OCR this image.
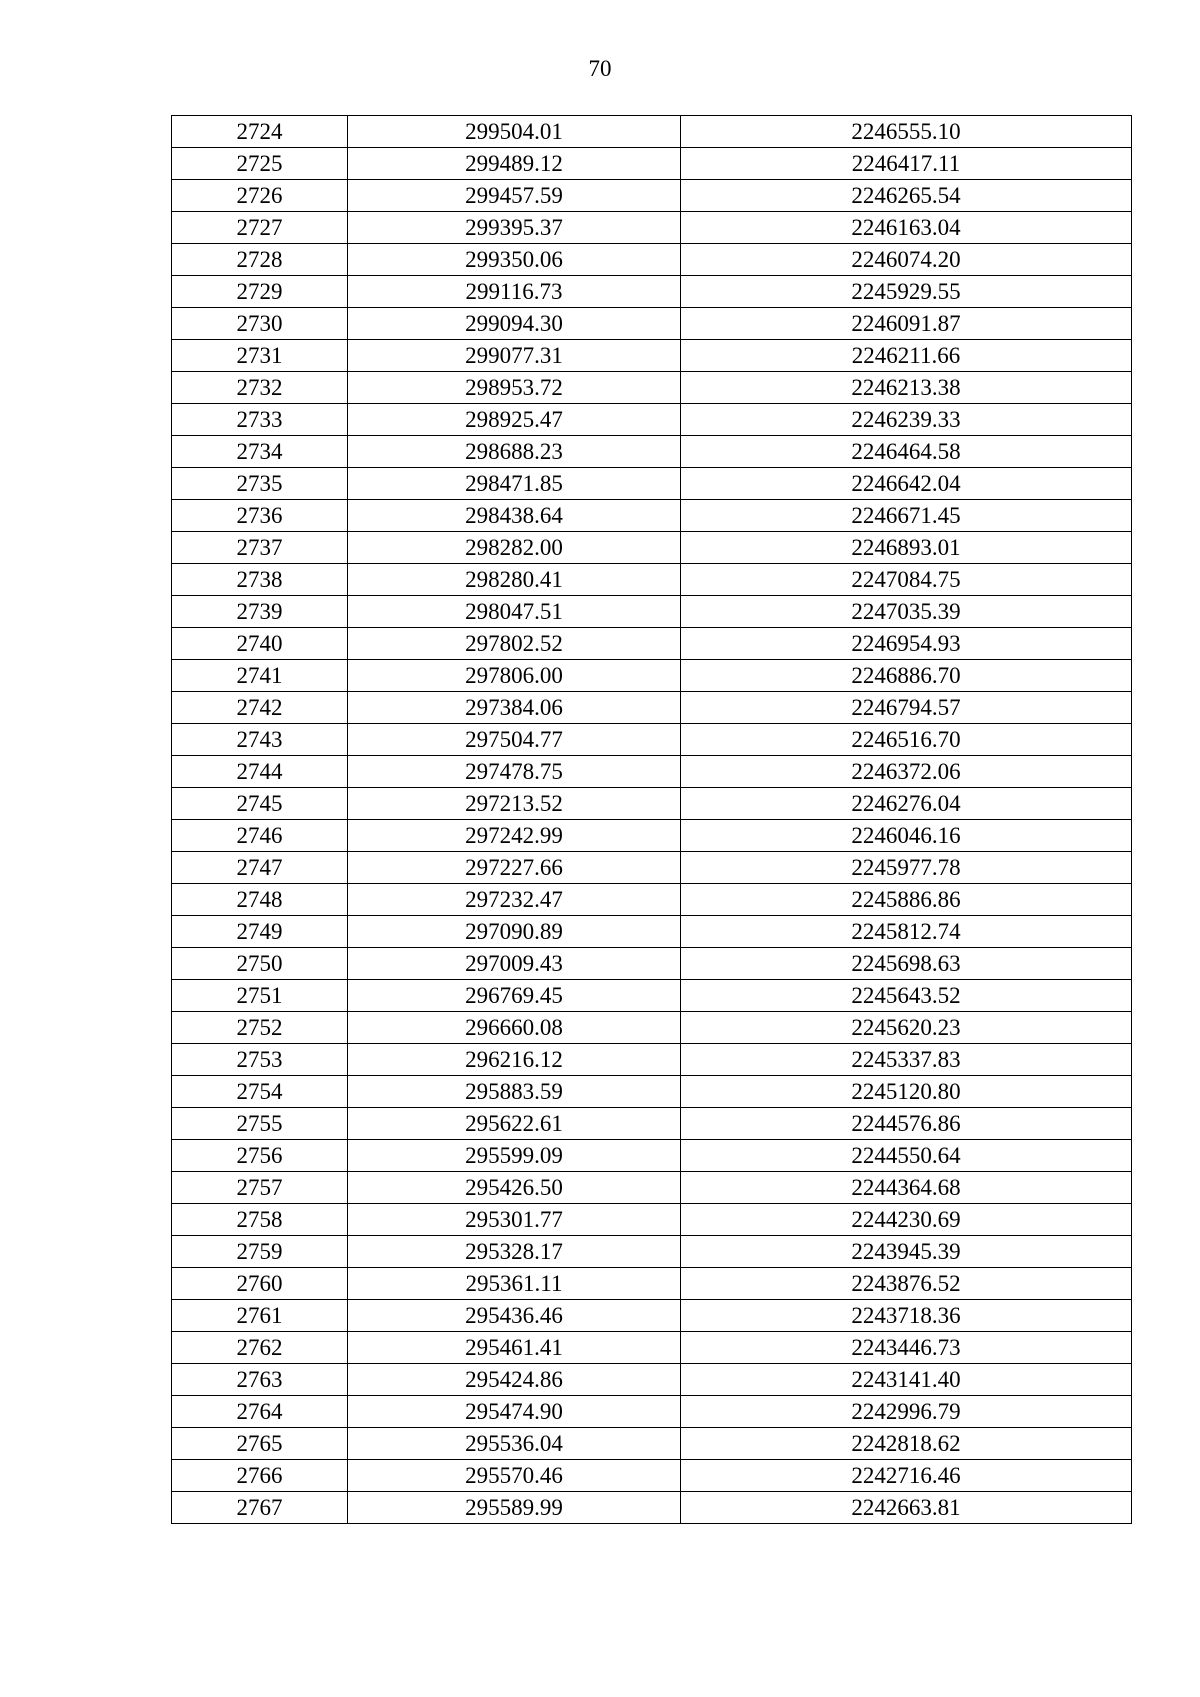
70
2724	299504.01	2246555.10
2725	299489.12	2246417.11
2726	299457.59	2246265.54
2727	299395.37	2246163.04
2728	299350.06	2246074.20
2729	299116.73	2245929.55
2730	299094.30	2246091.87
2731	299077.31	2246211.66
2732	298953.72	2246213.38
2733	298925.47	2246239.33
2734	298688.23	2246464.58
2735	298471.85	2246642.04
2736	298438.64	2246671.45
2737	298282.00	2246893.01
2738	298280.41	2247084.75
2739	298047.51	2247035.39
2740	297802.52	2246954.93
2741	297806.00	2246886.70
2742	297384.06	2246794.57
2743	297504.77	2246516.70
2744	297478.75	2246372.06
2745	297213.52	2246276.04
2746	297242.99	2246046.16
2747	297227.66	2245977.78
2748	297232.47	2245886.86
2749	297090.89	2245812.74
2750	297009.43	2245698.63
2751	296769.45	2245643.52
2752	296660.08	2245620.23
2753	296216.12	2245337.83
2754	295883.59	2245120.80
2755	295622.61	2244576.86
2756	295599.09	2244550.64
2757	295426.50	2244364.68
2758	295301.77	2244230.69
2759	295328.17	2243945.39
2760	295361.11	2243876.52
2761	295436.46	2243718.36
2762	295461.41	2243446.73
2763	295424.86	2243141.40
2764	295474.90	2242996.79
2765	295536.04	2242818.62
2766	295570.46	2242716.46
2767	295589.99	2242663.81
